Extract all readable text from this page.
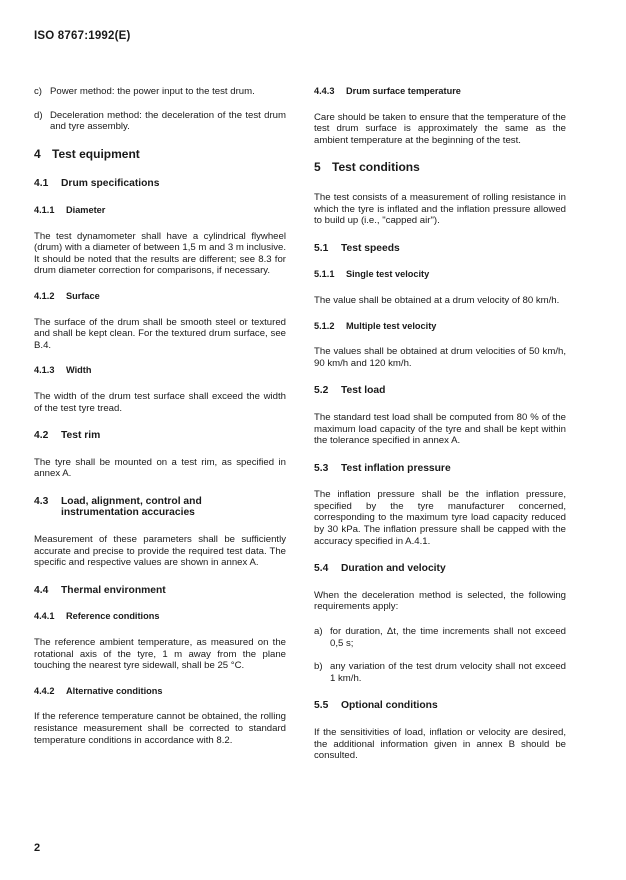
ISO 8767:1992(E)
c) Power method: the power input to the test drum.
d) Deceleration method: the deceleration of the test drum and tyre assembly.
4 Test equipment
4.1 Drum specifications
4.1.1 Diameter

The test dynamometer shall have a cylindrical flywheel (drum) with a diameter of between 1,5 m and 3 m inclusive. It should be noted that the results are different; see 8.3 for drum diameter correction for comparisons, if necessary.

4.1.2 Surface

The surface of the drum shall be smooth steel or textured and shall be kept clean. For the textured drum surface, see B.4.

4.1.3 Width

The width of the drum test surface shall exceed the width of the test tyre tread.

4.2 Test rim

The tyre shall be mounted on a test rim, as specified in annex A.

4.3	Load, alignment, control and instrumentation accuracies

Measurement of these parameters shall be sufficiently accurate and precise to provide the required test data. The specific and respective values are shown in annex A.

4.4 Thermal environment
4.4.1 Reference conditions

The reference ambient temperature, as measured on the rotational axis of the tyre, 1 m away from the plane touching the nearest tyre sidewall, shall be 25 °C.

4.4.2 Alternative conditions

If the reference temperature cannot be obtained, the rolling resistance measurement shall be corrected to standard temperature conditions in accordance with 8.2.

4.4.3 Drum surface temperature

Care should be taken to ensure that the temperature of the test drum surface is approximately the same as the ambient temperature at the beginning of the test.

5 Test conditions

The test consists of a measurement of rolling resistance in which the tyre is inflated and the inflation pressure allowed to build up (i.e., "capped air").

5.1 Test speeds
5.1.1 Single test velocity

The value shall be obtained at a drum velocity of 80 km/h.

5.1.2 Multiple test velocity

The values shall be obtained at drum velocities of 50 km/h, 90 km/h and 120 km/h.

5.2 Test load

The standard test load shall be computed from 80 % of the maximum load capacity of the tyre and shall be kept within the tolerance specified in annex A.

5.3 Test inflation pressure

The inflation pressure shall be the inflation pressure, specified by the tyre manufacturer concerned, corresponding to the maximum tyre load capacity reduced by 30 kPa. The inflation pressure shall be capped with the accuracy specified in A.4.1.

5.4 Duration and velocity

When the deceleration method is selected, the following requirements apply:

a) for duration, Δt, the time increments shall not exceed 0,5 s;
b) any variation of the test drum velocity shall not exceed 1 km/h.
5.5 Optional conditions

If the sensitivities of load, inflation or velocity are desired, the additional information given in annex B should be consulted.

2
